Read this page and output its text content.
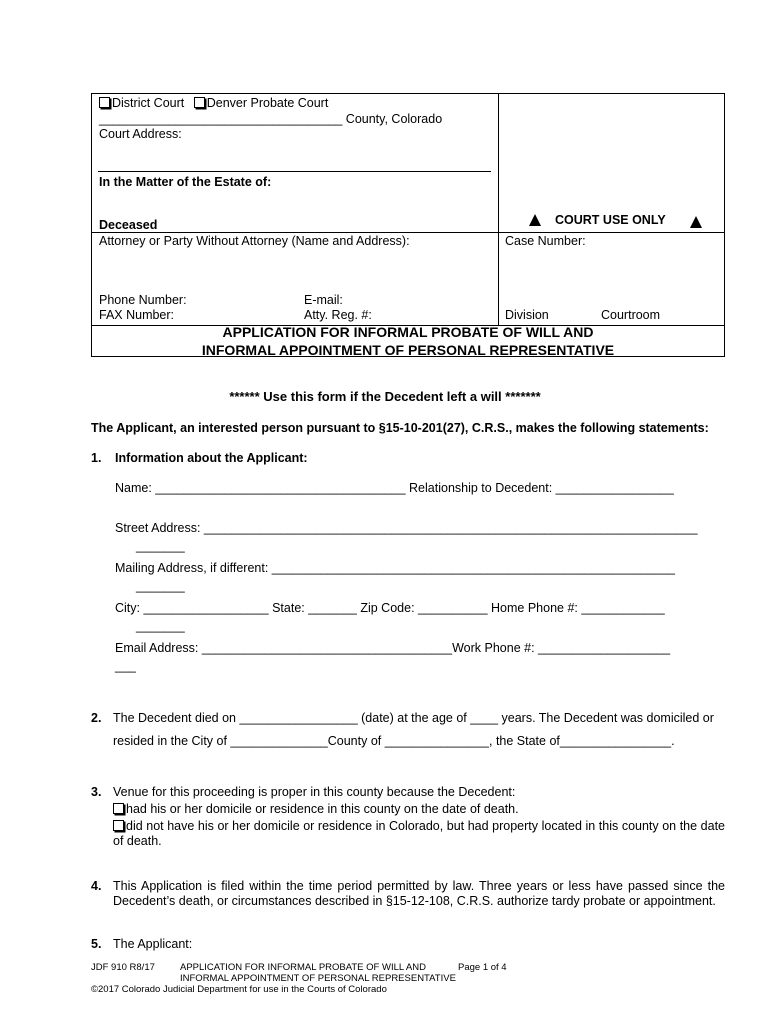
District Court Denver Probate Court
___________________________________ County, Colorado
Court Address:
In the Matter of the Estate of:
Deceased	COURT USE ONLY
Attorney or Party Without Attorney (Name and Address):	Case Number:
Phone Number:	E-mail:
FAX Number:	Atty. Reg. #:	Division	Courtroom
APPLICATION FOR INFORMAL PROBATE OF WILL AND
INFORMAL APPOINTMENT OF PERSONAL REPRESENTATIVE
****** Use this form if the Decedent left a will *******
The Applicant, an interested person pursuant to §15-10-201(27), C.R.S., makes the following statements:
1. Information about the Applicant:
Name: ____________________________________ Relationship to Decedent: _________________
Street Address: _______________________________________________________________________
_______
Mailing Address, if different: __________________________________________________________
_______
City: __________________ State: _______ Zip Code: __________ Home Phone #: ____________
_______
Email Address: ____________________________________Work Phone #: ___________________
___
2. The Decedent died on _________________ (date) at the age of ____ years. The Decedent was domiciled or
resided in the City of ______________County of _______________, the State of________________.
3. Venue for this proceeding is proper in this county because the Decedent:
had his or her domicile or residence in this county on the date of death.
did not have his or her domicile or residence in Colorado, but had property located in this county on the date of death.
4. This Application is filed within the time period permitted by law. Three years or less have passed since the Decedent’s death, or circumstances described in §15-12-108, C.R.S. authorize tardy probate or appointment.
5. The Applicant:
JDF 910 R8/17	APPLICATION FOR INFORMAL PROBATE OF WILL AND	Page 1 of 4
INFORMAL APPOINTMENT OF PERSONAL REPRESENTATIVE
©2017 Colorado Judicial Department for use in the Courts of Colorado
